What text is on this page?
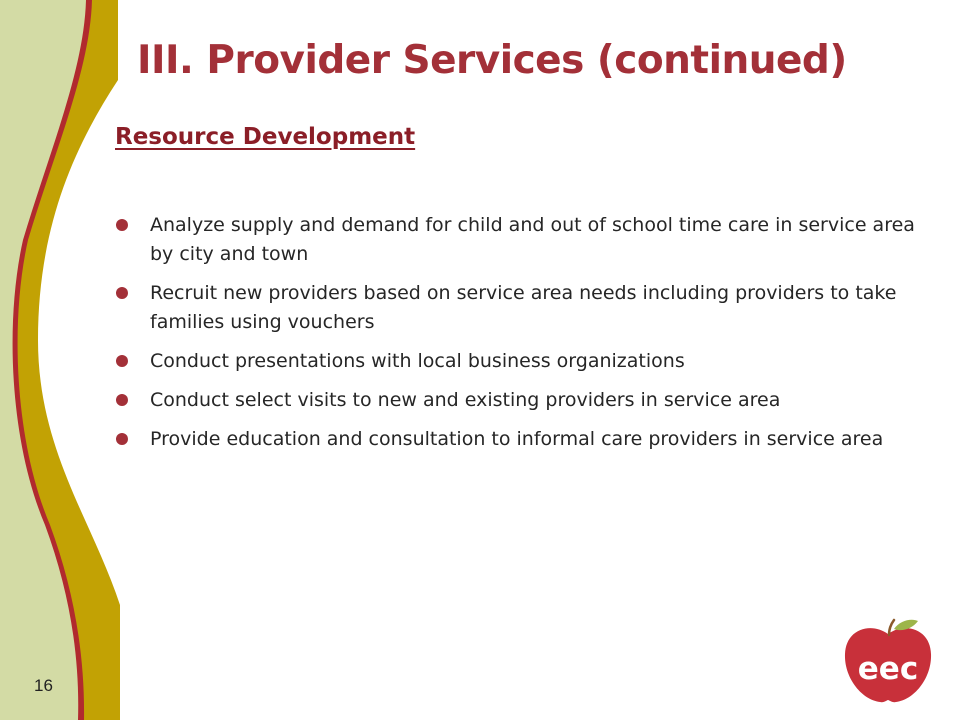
III. Provider Services (continued)
Resource Development
Analyze supply and demand for child and out of school time care in service area by city and town
Recruit new providers based on service area needs including providers to take families using vouchers
Conduct presentations with local business organizations
Conduct select visits to new and existing providers in service area
Provide education and consultation to informal care providers in service area
16	eec
